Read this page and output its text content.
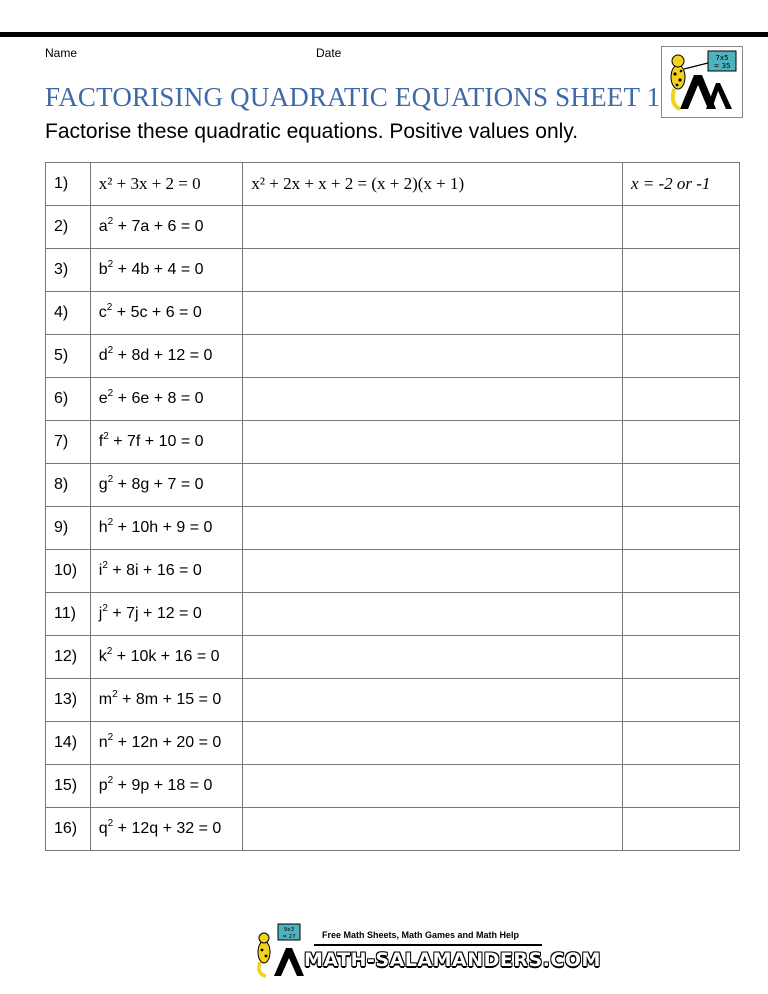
Name	Date	7x5
= 35
FACTORISING QUADRATIC EQUATIONS SHEET 1
Factorise these quadratic equations. Positive values only.
1)	x² + 3x + 2 = 0	x² + 2x + x + 2 = (x + 2)(x + 1)	x = -2 or -1
2)	$a^2 + 7a + 6 = 0$		
3)	$b^2 + 4b + 4 = 0$		
4)	$c^2 + 5c + 6 = 0$		
5)	$d^2 + 8d + 12 = 0$		
6)	$e^2 + 6e + 8 = 0$		
7)	$f^2 + 7f + 10 = 0$		
8)	$g^2 + 8g + 7 = 0$		
9)	$h^2 + 10h + 9 = 0$		
10)	$i^2 + 8i + 16 = 0$		
11)	$j^2 + 7j + 12 = 0$		
12)	$k^2 + 10k + 16 = 0$		
13)	$m^2 + 8m + 15 = 0$		
14)	$n^2 + 12n + 20 = 0$		
15)	$p^2 + 9p + 18 = 0$		
16)	$q^2 + 12q + 32 = 0$		
9x3
= 27	Free Math Sheets, Math Games and Math Help
MATH-SALAMANDERS.COM
